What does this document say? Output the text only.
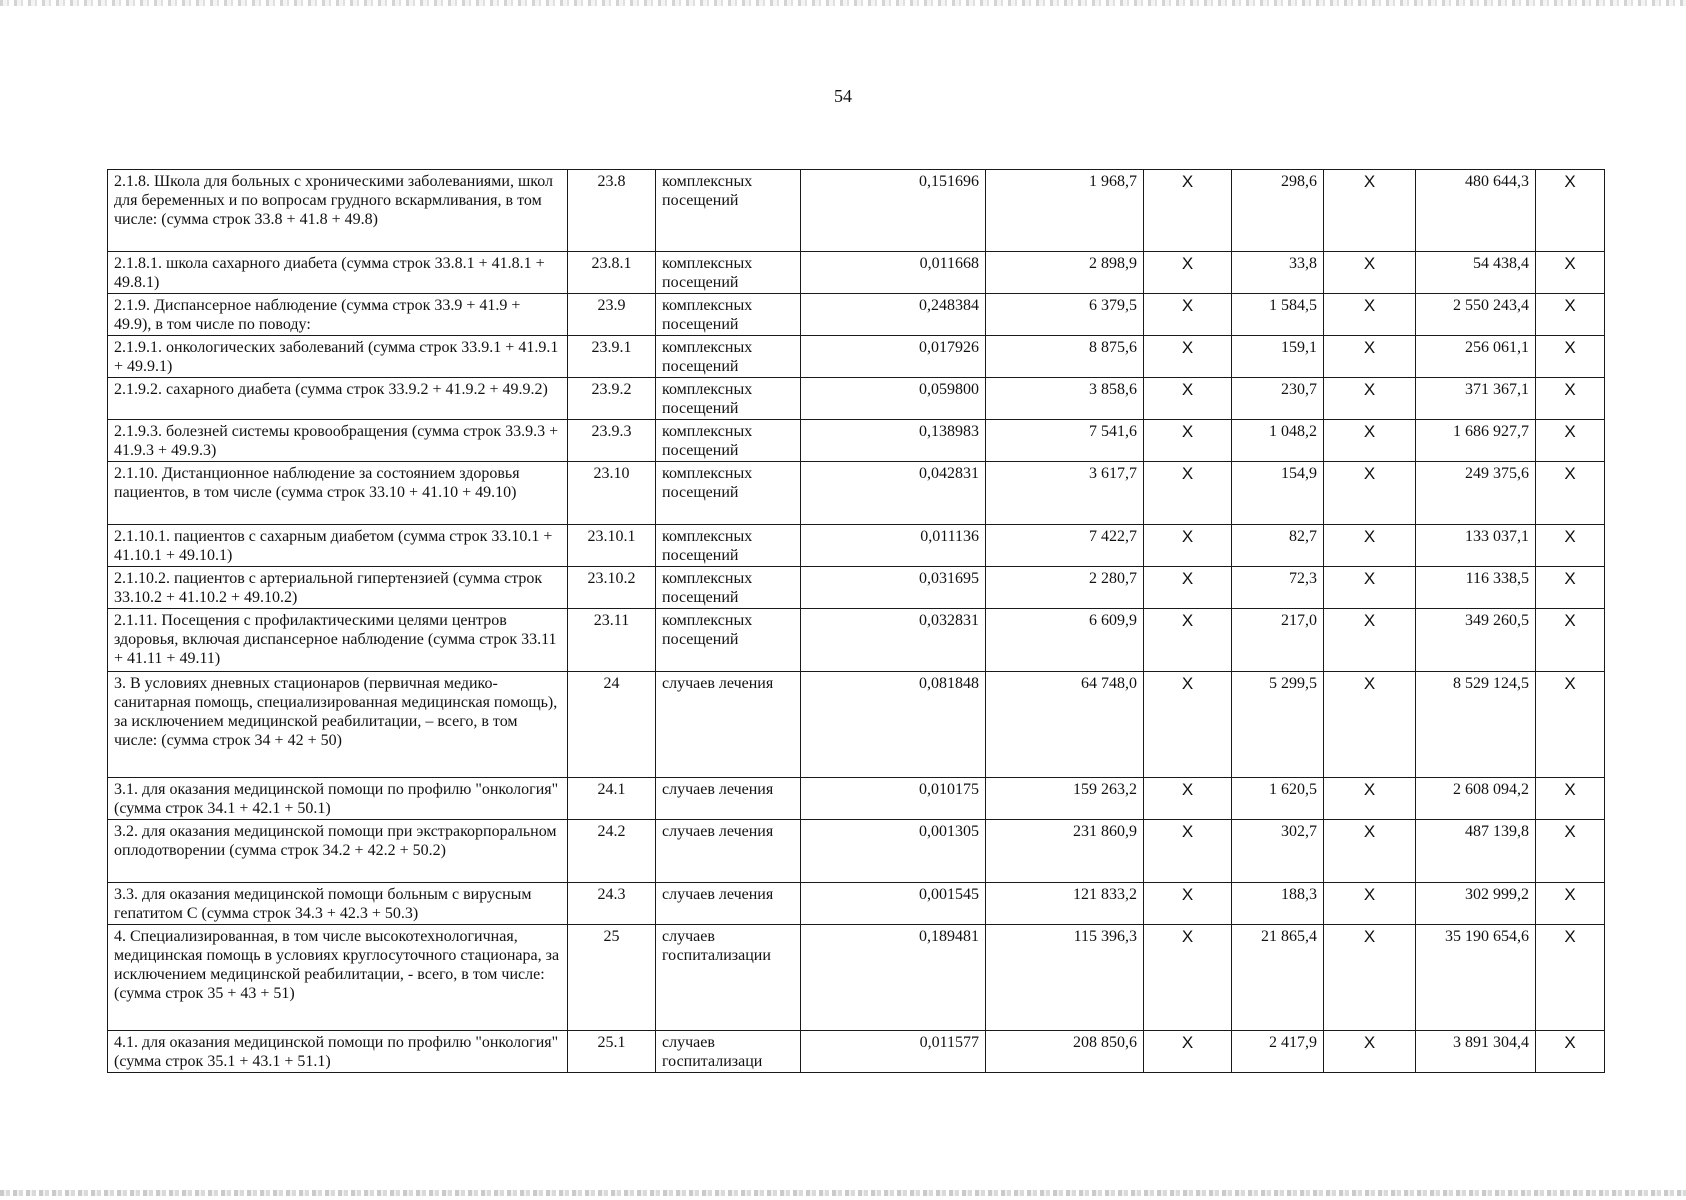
54
2.1.8. Школа для больных с хроническими заболеваниями, школ для беременных и по вопросам грудного вскармливания, в том числе: (сумма строк 33.8 + 41.8 + 49.8)	23.8	комплексных посещений	0,151696	1 968,7	X	298,6	X	480 644,3	X
2.1.8.1. школа сахарного диабета (сумма строк 33.8.1 + 41.8.1 + 49.8.1)	23.8.1	комплексных посещений	0,011668	2 898,9	X	33,8	X	54 438,4	X
2.1.9. Диспансерное наблюдение (сумма строк 33.9 + 41.9 + 49.9), в том числе по поводу:	23.9	комплексных посещений	0,248384	6 379,5	X	1 584,5	X	2 550 243,4	X
2.1.9.1. онкологических заболеваний (сумма строк 33.9.1 + 41.9.1 + 49.9.1)	23.9.1	комплексных посещений	0,017926	8 875,6	X	159,1	X	256 061,1	X
2.1.9.2. сахарного диабета (сумма строк 33.9.2 + 41.9.2 + 49.9.2)	23.9.2	комплексных посещений	0,059800	3 858,6	X	230,7	X	371 367,1	X
2.1.9.3. болезней системы кровообращения (сумма строк 33.9.3 + 41.9.3 + 49.9.3)	23.9.3	комплексных посещений	0,138983	7 541,6	X	1 048,2	X	1 686 927,7	X
2.1.10. Дистанционное наблюдение за состоянием здоровья пациентов, в том числе (сумма строк 33.10 + 41.10 + 49.10)	23.10	комплексных посещений	0,042831	3 617,7	X	154,9	X	249 375,6	X
2.1.10.1. пациентов с сахарным диабетом (сумма строк 33.10.1 + 41.10.1 + 49.10.1)	23.10.1	комплексных посещений	0,011136	7 422,7	X	82,7	X	133 037,1	X
2.1.10.2. пациентов с артериальной гипертензией (сумма строк 33.10.2 + 41.10.2 + 49.10.2)	23.10.2	комплексных посещений	0,031695	2 280,7	X	72,3	X	116 338,5	X
2.1.11. Посещения с профилактическими целями центров здоровья, включая диспансерное наблюдение (сумма строк 33.11 + 41.11 + 49.11)	23.11	комплексных посещений	0,032831	6 609,9	X	217,0	X	349 260,5	X
3. В условиях дневных стационаров (первичная медико-санитарная помощь, специализированная медицинская помощь), за исключением медицинской реабилитации, – всего, в том числе: (сумма строк 34 + 42 + 50)	24	случаев лечения	0,081848	64 748,0	X	5 299,5	X	8 529 124,5	X
3.1. для оказания медицинской помощи по профилю "онкология" (сумма строк 34.1 + 42.1 + 50.1)	24.1	случаев лечения	0,010175	159 263,2	X	1 620,5	X	2 608 094,2	X
3.2. для оказания медицинской помощи при экстракорпоральном оплодотворении (сумма строк 34.2 + 42.2 + 50.2)	24.2	случаев лечения	0,001305	231 860,9	X	302,7	X	487 139,8	X
3.3. для оказания медицинской помощи больным с вирусным гепатитом С (сумма строк 34.3 + 42.3 + 50.3)	24.3	случаев лечения	0,001545	121 833,2	X	188,3	X	302 999,2	X
4. Специализированная, в том числе высокотехнологичная, медицинская помощь в условиях круглосуточного стационара, за исключением медицинской реабилитации, - всего, в том числе: (сумма строк 35 + 43 + 51)	25	случаев госпитализации	0,189481	115 396,3	X	21 865,4	X	35 190 654,6	X
4.1. для оказания медицинской помощи по профилю "онкология" (сумма строк 35.1 + 43.1 + 51.1)	25.1	случаев госпитализаци	0,011577	208 850,6	X	2 417,9	X	3 891 304,4	X
